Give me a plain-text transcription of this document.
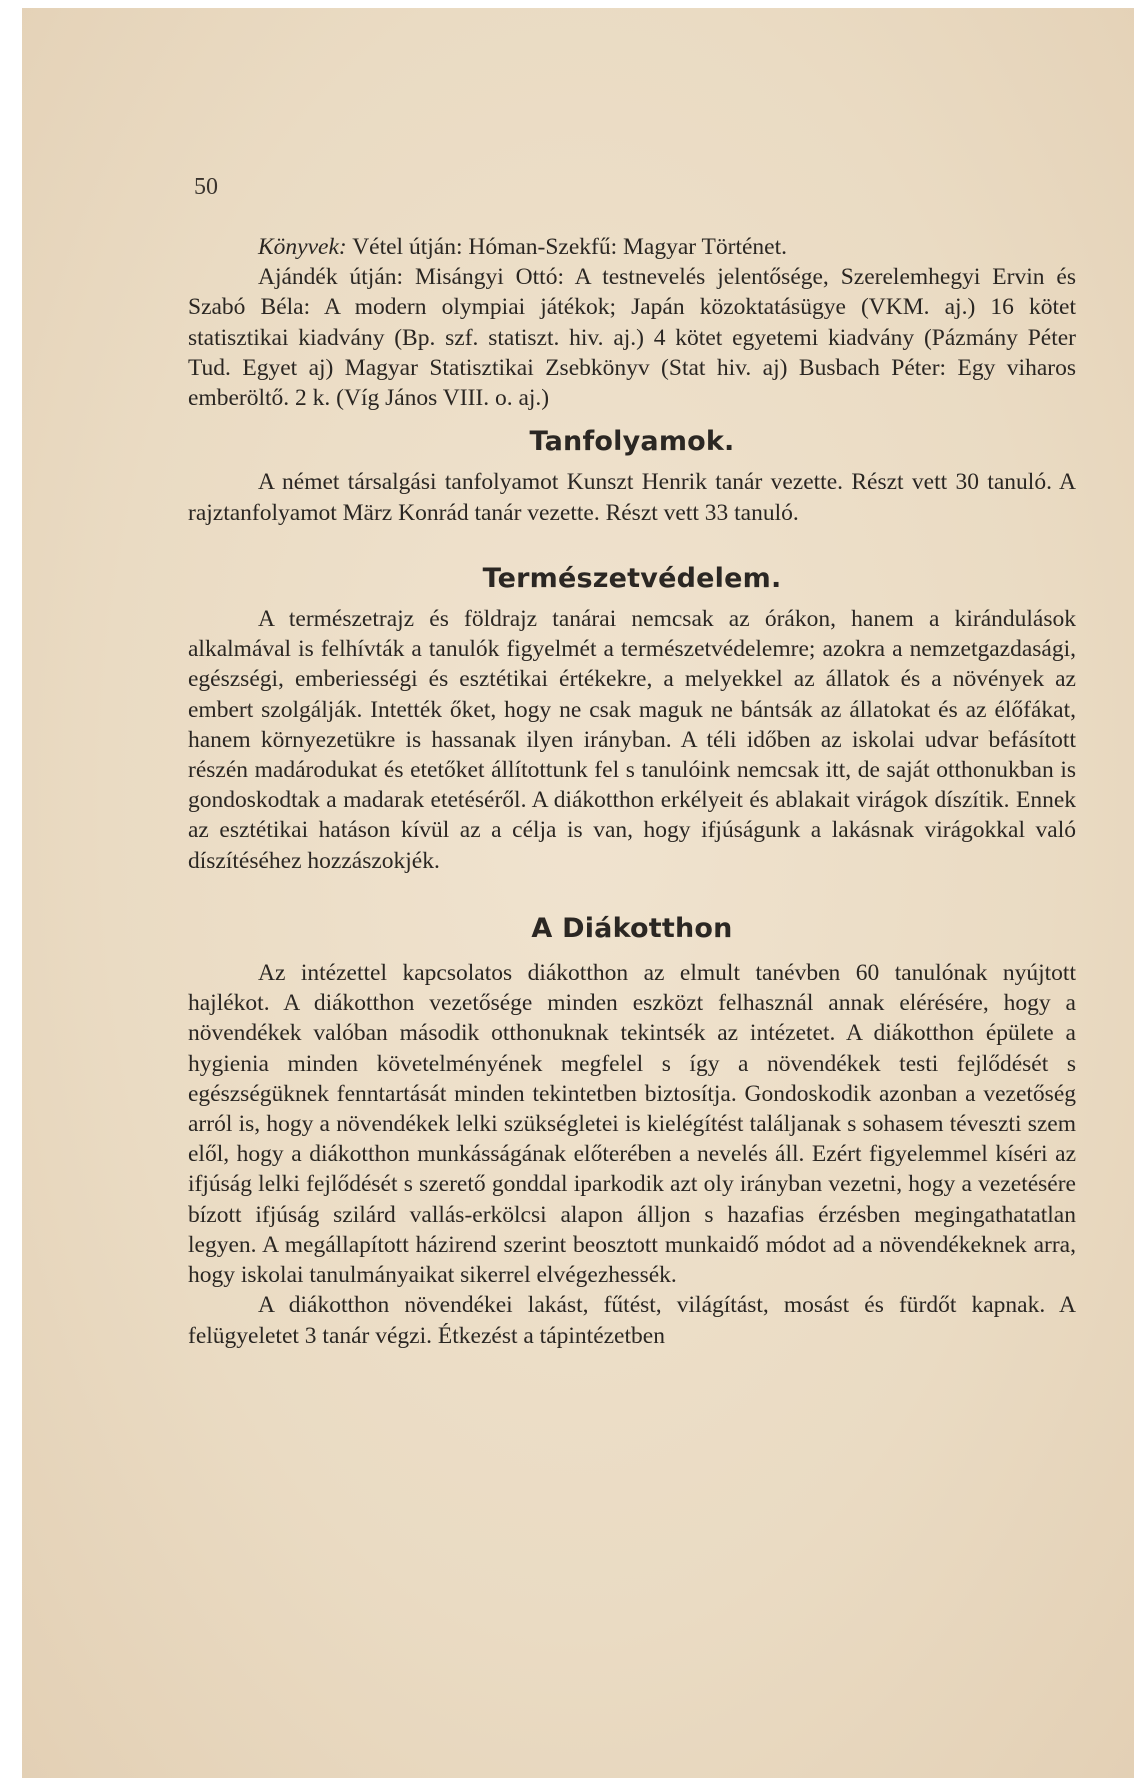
50

Könyvek: Vétel útján: Hóman-Szekfű: Magyar Történet.

Ajándék útján: Misángyi Ottó: A testnevelés jelentősége, Szerelemhegyi Ervin és Szabó Béla: A modern olympiai játékok; Japán közoktatásügye (VKM. aj.) 16 kötet statisztikai kiadvány (Bp. szf. statiszt. hiv. aj.) 4 kötet egyetemi kiadvány (Pázmány Péter Tud. Egyet aj) Magyar Statisztikai Zsebkönyv (Stat hiv. aj) Busbach Péter: Egy viharos emberöltő. 2 k. (Víg János VIII. o. aj.)

Tanfolyamok.

A német társalgási tanfolyamot Kunszt Henrik tanár vezette. Részt vett 30 tanuló. A rajztanfolyamot März Konrád tanár vezette. Részt vett 33 tanuló.

Természetvédelem.

A természetrajz és földrajz tanárai nemcsak az órákon, hanem a kirándulások alkalmával is felhívták a tanulók figyelmét a természetvédelemre; azokra a nemzetgazdasági, egészségi, emberiességi és esztétikai értékekre, a melyekkel az állatok és a növények az embert szolgálják. Intették őket, hogy ne csak maguk ne bántsák az állatokat és az élőfákat, hanem környezetükre is hassanak ilyen irányban. A téli időben az iskolai udvar befásított részén madárodukat és etetőket állítottunk fel s tanulóink nemcsak itt, de saját otthonukban is gondoskodtak a madarak etetéséről. A diákotthon erkélyeit és ablakait virágok díszítik. Ennek az esztétikai hatáson kívül az a célja is van, hogy ifjúságunk a lakásnak virágokkal való díszítéséhez hozzászokjék.

A Diákotthon

Az intézettel kapcsolatos diákotthon az elmult tanévben 60 tanulónak nyújtott hajlékot. A diákotthon vezetősége minden eszközt felhasznál annak elérésére, hogy a növendékek valóban második otthonuknak tekintsék az intézetet. A diákotthon épülete a hygienia minden követelményének megfelel s így a növendékek testi fejlődését s egészségüknek fenntartását minden tekintetben biztosítja. Gondoskodik azonban a vezetőség arról is, hogy a növendékek lelki szükségletei is kielégítést találjanak s sohasem téveszti szem elől, hogy a diákotthon munkásságának előterében a nevelés áll. Ezért figyelemmel kíséri az ifjúság lelki fejlődését s szerető gonddal iparkodik azt oly irányban vezetni, hogy a vezetésére bízott ifjúság szilárd vallás-erkölcsi alapon álljon s hazafias érzésben megingathatatlan legyen. A megállapított házirend szerint beosztott munkaidő módot ad a növendékeknek arra, hogy iskolai tanulmányaikat sikerrel elvégezhessék.

A diákotthon növendékei lakást, fűtést, világítást, mosást és fürdőt kapnak. A felügyeletet 3 tanár végzi. Étkezést a tápintézetben
